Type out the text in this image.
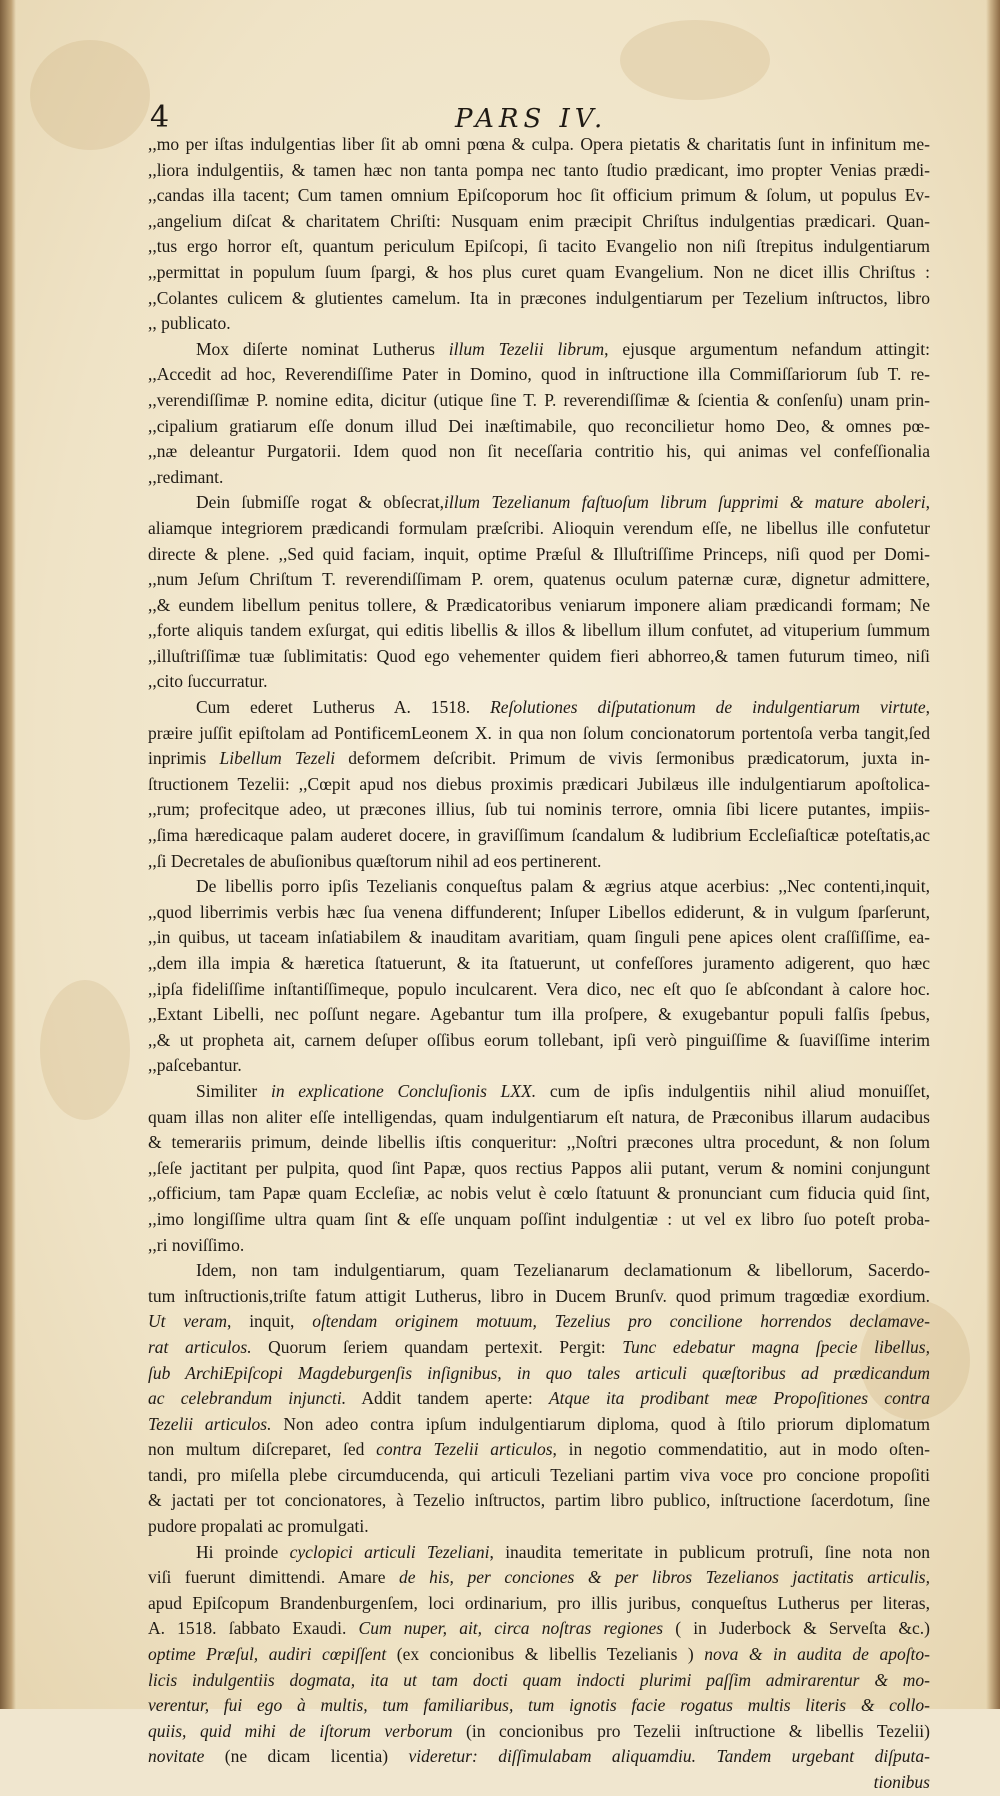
4	PARS IV.
,,mo per iſtas indulgentias liber ſit ab omni pœna & culpa. Opera pietatis & charitatis ſunt in infinitum me-
,,liora indulgentiis, & tamen hæc non tanta pompa nec tanto ſtudio prædicant, imo propter Venias prædi-
,,candas illa tacent; Cum tamen omnium Epiſcoporum hoc ſit officium primum & ſolum, ut populus Ev-
,,angelium diſcat & charitatem Chriſti: Nusquam enim præcipit Chriſtus indulgentias prædicari. Quan-
,,tus ergo horror eſt, quantum periculum Epiſcopi, ſi tacito Evangelio non niſi ſtrepitus indulgentiarum
,,permittat in populum ſuum ſpargi, & hos plus curet quam Evangelium. Non ne dicet illis Chriſtus :
,,Colantes culicem & glutientes camelum. Ita in præcones indulgentiarum per Tezelium inſtructos, libro
,, publicato.
Mox diſerte nominat Lutherus illum Tezelii librum, ejusque argumentum nefandum attingit:
,,Accedit ad hoc, Reverendiſſime Pater in Domino, quod in inſtructione illa Commiſſariorum ſub T. re-
,,verendiſſimæ P. nomine edita, dicitur (utique ſine T. P. reverendiſſimæ & ſcientia & conſenſu) unam prin-
,,cipalium gratiarum eſſe donum illud Dei inæſtimabile, quo reconcilietur homo Deo, & omnes pœ-
,,næ deleantur Purgatorii. Idem quod non ſit neceſſaria contritio his, qui animas vel confeſſionalia
,,redimant.
Dein ſubmiſſe rogat & obſecrat,illum Tezelianum faſtuoſum librum ſupprimi & mature aboleri,
aliamque integriorem prædicandi formulam præſcribi. Alioquin verendum eſſe, ne libellus ille confutetur
directe & plene. ,,Sed quid faciam, inquit, optime Præſul & Illuſtriſſime Princeps, niſi quod per Domi-
,,num Jeſum Chriſtum T. reverendiſſimam P. orem, quatenus oculum paternæ curæ, dignetur admittere,
,,& eundem libellum penitus tollere, & Prædicatoribus veniarum imponere aliam prædicandi formam; Ne
,,forte aliquis tandem exſurgat, qui editis libellis & illos & libellum illum confutet, ad vituperium ſummum
,,illuſtriſſimæ tuæ ſublimitatis: Quod ego vehementer quidem fieri abhorreo,& tamen futurum timeo, niſi
,,cito ſuccurratur.
Cum ederet Lutherus A. 1518. Reſolutiones diſputationum de indulgentiarum virtute,
præire juſſit epiſtolam ad PontificemLeonem X. in qua non ſolum concionatorum portentoſa verba tangit,ſed
inprimis Libellum Tezeli deformem deſcribit. Primum de vivis ſermonibus prædicatorum, juxta in-
ſtructionem Tezelii: ,,Cœpit apud nos diebus proximis prædicari Jubilæus ille indulgentiarum apoſtolica-
,,rum; profecitque adeo, ut præcones illius, ſub tui nominis terrore, omnia ſibi licere putantes, impiis-
,,ſima hæredicaque palam auderet docere, in graviſſimum ſcandalum & ludibrium Eccleſiaſticæ poteſtatis,ac
,,ſi Decretales de abuſionibus quæſtorum nihil ad eos pertinerent.
De libellis porro ipſis Tezelianis conqueſtus palam & ægrius atque acerbius: ,,Nec contenti,inquit,
,,quod liberrimis verbis hæc ſua venena diffunderent; Inſuper Libellos ediderunt, & in vulgum ſparſerunt,
,,in quibus, ut taceam inſatiabilem & inauditam avaritiam, quam ſinguli pene apices olent craſſiſſime, ea-
,,dem illa impia & hæretica ſtatuerunt, & ita ſtatuerunt, ut confeſſores juramento adigerent, quo hæc
,,ipſa fideliſſime inſtantiſſimeque, populo inculcarent. Vera dico, nec eſt quo ſe abſcondant à calore hoc.
,,Extant Libelli, nec poſſunt negare. Agebantur tum illa proſpere, & exugebantur populi falſis ſpebus,
,,& ut propheta ait, carnem deſuper oſſibus eorum tollebant, ipſi verò pinguiſſime & ſuaviſſime interim
,,paſcebantur.
Similiter in explicatione Concluſionis LXX. cum de ipſis indulgentiis nihil aliud monuiſſet,
quam illas non aliter eſſe intelligendas, quam indulgentiarum eſt natura, de Præconibus illarum audacibus
& temerariis primum, deinde libellis iſtis conqueritur: ,,Noſtri præcones ultra procedunt, & non ſolum
,,ſeſe jactitant per pulpita, quod ſint Papæ, quos rectius Pappos alii putant, verum & nomini conjungunt
,,officium, tam Papæ quam Eccleſiæ, ac nobis velut è cœlo ſtatuunt & pronunciant cum fiducia quid ſint,
,,imo longiſſime ultra quam ſint & eſſe unquam poſſint indulgentiæ : ut vel ex libro ſuo poteſt proba-
,,ri noviſſimo.
Idem, non tam indulgentiarum, quam Tezelianarum declamationum & libellorum, Sacerdo-
tum inſtructionis,triſte fatum attigit Lutherus, libro in Ducem Brunſv. quod primum tragœdiæ exordium.
Ut veram, inquit, oſtendam originem motuum, Tezelius pro concilione horrendos declamave-
rat articulos. Quorum ſeriem quandam pertexit. Pergit: Tunc edebatur magna ſpecie libellus,
ſub ArchiEpiſcopi Magdeburgenſis inſignibus, in quo tales articuli quæſtoribus ad prædicandum
ac celebrandum injuncti. Addit tandem aperte: Atque ita prodibant meæ Propoſitiones contra
Tezelii articulos. Non adeo contra ipſum indulgentiarum diploma, quod à ſtilo priorum diplomatum
non multum diſcreparet, ſed contra Tezelii articulos, in negotio commendatitio, aut in modo oſten-
tandi, pro miſella plebe circumducenda, qui articuli Tezeliani partim viva voce pro concione propoſiti
& jactati per tot concionatores, à Tezelio inſtructos, partim libro publico, inſtructione ſacerdotum, ſine
pudore propalati ac promulgati.
Hi proinde cyclopici articuli Tezeliani, inaudita temeritate in publicum protruſi, ſine nota non
viſi fuerunt dimittendi. Amare de his, per conciones & per libros Tezelianos jactitatis articulis,
apud Epiſcopum Brandenburgenſem, loci ordinarium, pro illis juribus, conqueſtus Lutherus per literas,
A. 1518. ſabbato Exaudi. Cum nuper, ait, circa noſtras regiones ( in Juderbock & Serveſta &c.)
optime Præſul, audiri cœpiſſent (ex concionibus & libellis Tezelianis ) nova & in audita de apoſto-
licis indulgentiis dogmata, ita ut tam docti quam indocti plurimi paſſim admirarentur & mo-
verentur, fui ego à multis, tum familiaribus, tum ignotis facie rogatus multis literis & collo-
quiis, quid mihi de iſtorum verborum (in concionibus pro Tezelii inſtructione & libellis Tezelii)
novitate (ne dicam licentia) videretur: diſſimulabam aliquamdiu. Tandem urgebant diſputa-
tionibus
